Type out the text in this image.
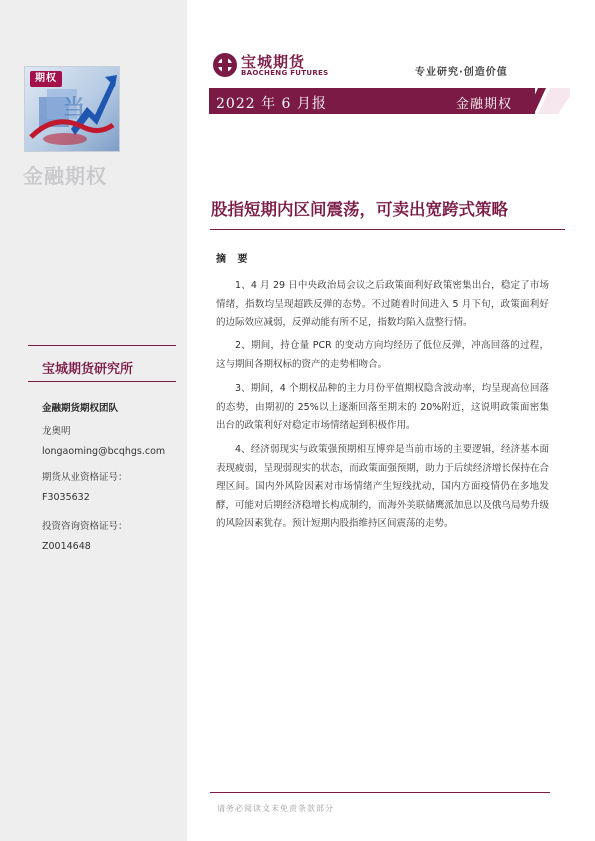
期权
当
金融期权
宝城期货研究所
金融期货期权团队
龙奥明
longaoming@bcqhgs.com
期货从业资格证号：
F3035632
投资咨询资格证号：
Z0014648
宝城期货
BAOCHENG FUTURES	专业研究·创造价值
2022 年 6 月报	金融期权
股指短期内区间震荡，可卖出宽跨式策略
摘 要

1、4 月 29 日中央政治局会议之后政策面利好政策密集出台，稳定了市场情绪，指数均呈现超跌反弹的态势。不过随着时间进入 5 月下旬，政策面利好的边际效应减弱，反弹动能有所不足，指数均陷入盘整行情。

2、期间，持仓量 PCR 的变动方向均经历了低位反弹，冲高回落的过程，这与期间各期权标的资产的走势相吻合。

3、期间，4 个期权品种的主力月份平值期权隐含波动率，均呈现高位回落的态势，由期初的 25%以上逐渐回落至期末的 20%附近，这说明政策面密集出台的政策利好对稳定市场情绪起到积极作用。

4、经济弱现实与政策强预期相互博弈是当前市场的主要逻辑，经济基本面表现疲弱，呈现弱现实的状态，而政策面强预期，助力于后续经济增长保持在合理区间。国内外风险因素对市场情绪产生短线扰动，国内方面疫情仍在多地发酵，可能对后期经济稳增长构成制约，而海外美联储鹰派加息以及俄乌局势升级的风险因素犹存。预计短期内股指维持区间震荡的走势。

请务必阅读文末免责条款部分
